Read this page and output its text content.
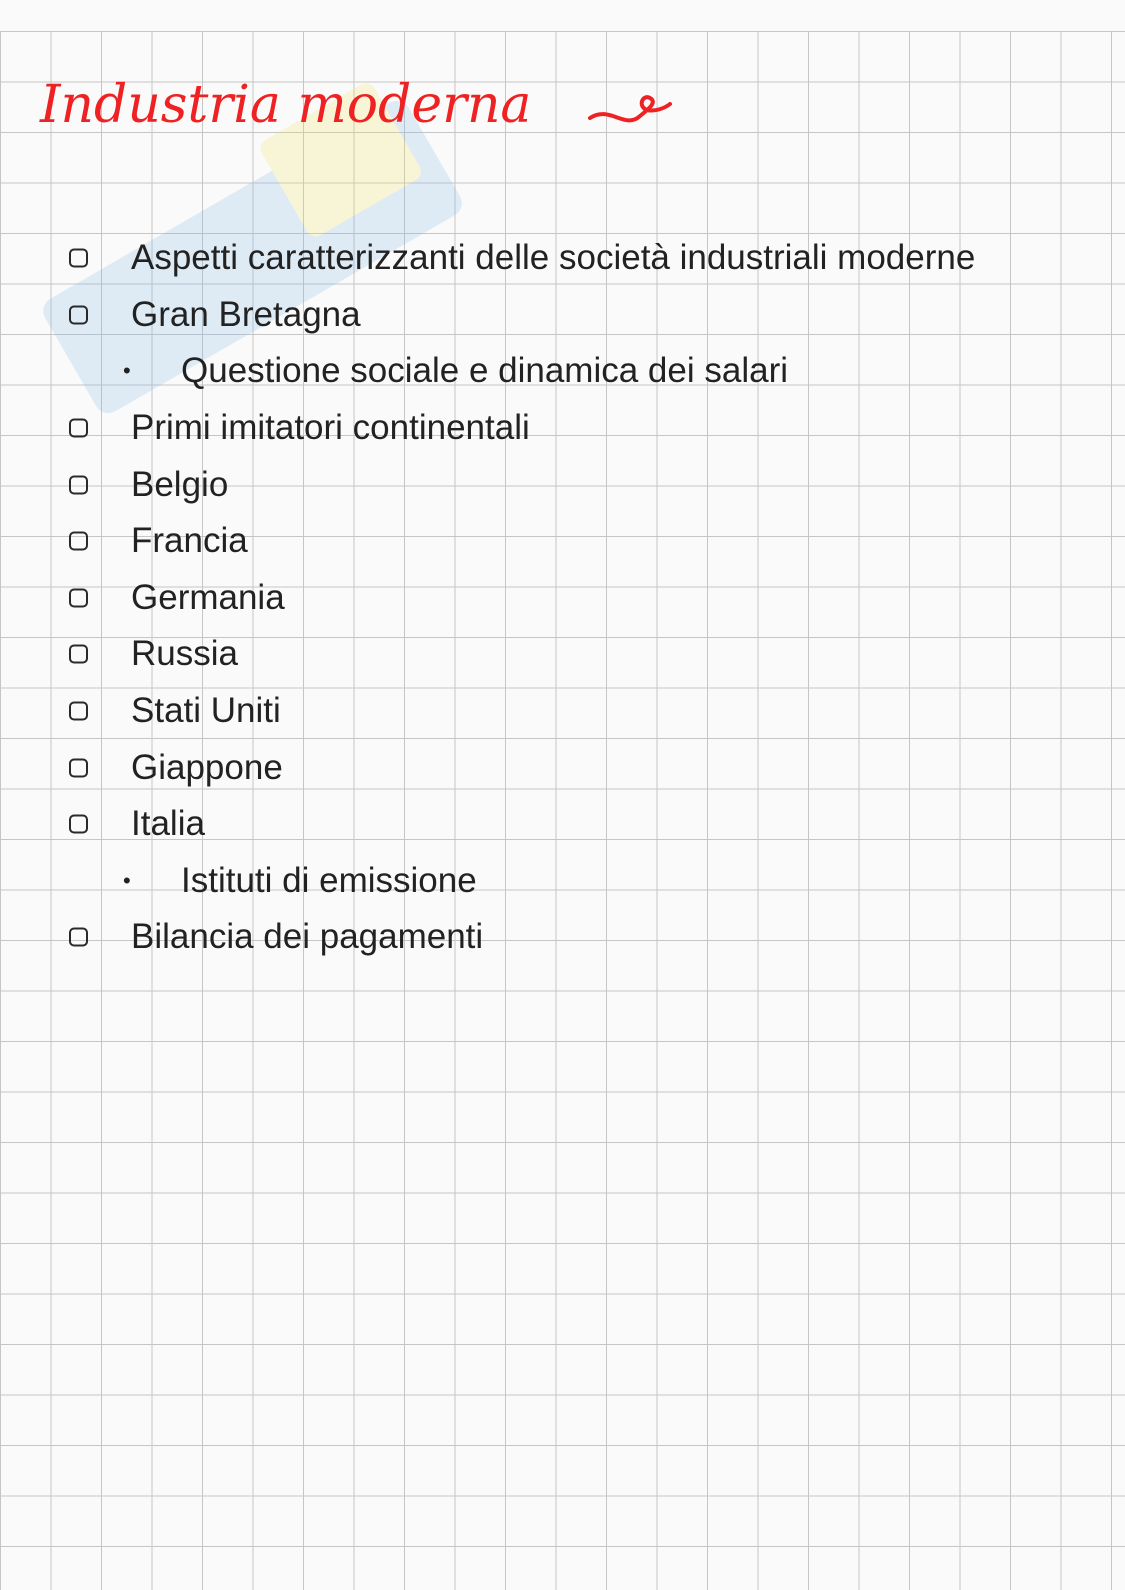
Industria moderna
Aspetti caratterizzanti delle società industriali moderne
Gran Bretagna
• Questione sociale e dinamica dei salari
Primi imitatori continentali
Belgio
Francia
Germania
Russia
Stati Uniti
Giappone
Italia
• Istituti di emissione
Bilancia dei pagamenti
